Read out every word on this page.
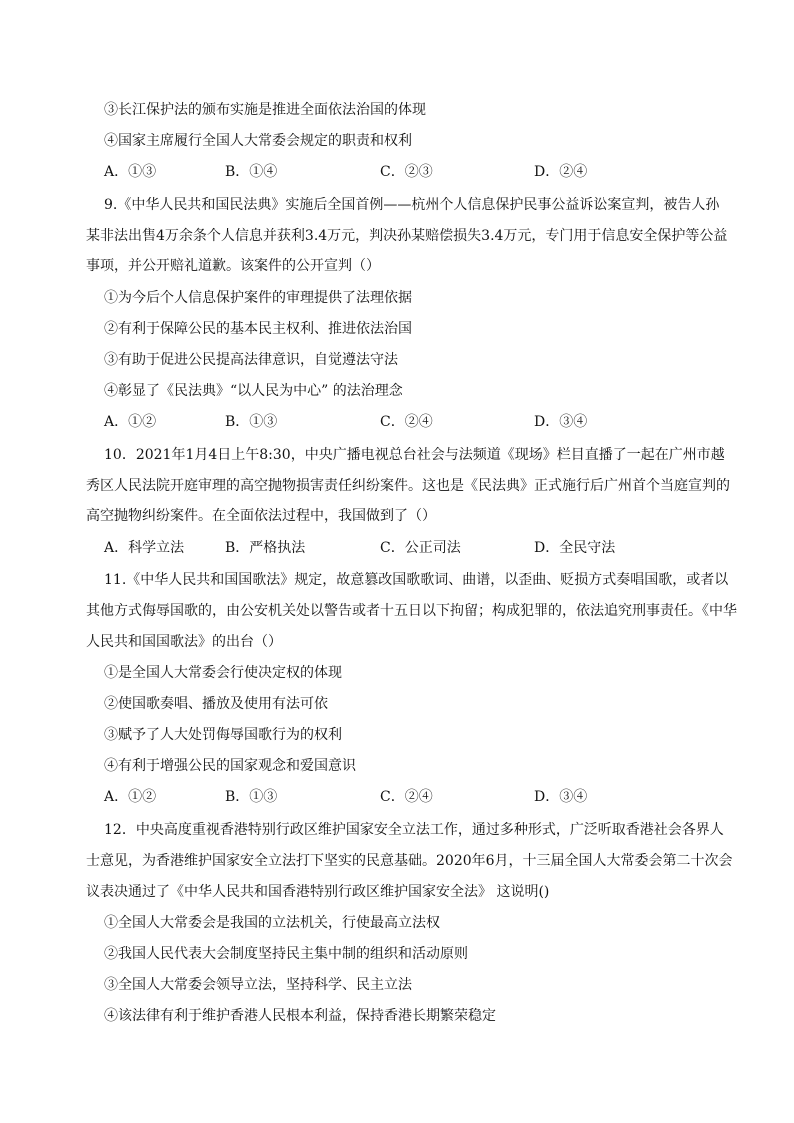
③长江保护法的颁布实施是推进全面依法治国的体现
④国家主席履行全国人大常委会规定的职责和权利
A．①③	B．①④	C．②③	D．②④
9.《中华人民共和国民法典》实施后全国首例——杭州个人信息保护民事公益诉讼案宣判，被告人孙
某非法出售4万余条个人信息并获利3.4万元，判决孙某赔偿损失3.4万元，专门用于信息安全保护等公益
事项，并公开赔礼道歉。该案件的公开宣判（）
①为今后个人信息保护案件的审理提供了法理依据
②有利于保障公民的基本民主权利、推进依法治国
③有助于促进公民提高法律意识，自觉遵法守法
④彰显了《民法典》“以人民为中心” 的法治理念
A．①②	B．①③	C．②④	D．③④
10．2021年1月4日上午8:30，中央广播电视总台社会与法频道《现场》栏目直播了一起在广州市越
秀区人民法院开庭审理的高空抛物损害责任纠纷案件。这也是《民法典》正式施行后广州首个当庭宣判的
高空抛物纠纷案件。在全面依法过程中，我国做到了（）
A．科学立法	B．严格执法	C．公正司法	D．全民守法
11.《中华人民共和国国歌法》规定，故意篡改国歌歌词、曲谱，以歪曲、贬损方式奏唱国歌，或者以
其他方式侮辱国歌的，由公安机关处以警告或者十五日以下拘留；构成犯罪的，依法追究刑事责任。《中华
人民共和国国歌法》的出台（）
①是全国人大常委会行使决定权的体现
②使国歌奏唱、播放及使用有法可依
③赋予了人大处罚侮辱国歌行为的权利
④有利于增强公民的国家观念和爱国意识
A．①②	B．①③	C．②④	D．③④
12．中央高度重视香港特别行政区维护国家安全立法工作，通过多种形式，广泛听取香港社会各界人
士意见，为香港维护国家安全立法打下坚实的民意基础。2020年6月，十三届全国人大常委会第二十次会
议表决通过了《中华人民共和国香港特别行政区维护国家安全法》 这说明()
①全国人大常委会是我国的立法机关，行使最高立法权
②我国人民代表大会制度坚持民主集中制的组织和活动原则
③全国人大常委会领导立法，坚持科学、民主立法
④该法律有利于维护香港人民根本利益，保持香港长期繁荣稳定
